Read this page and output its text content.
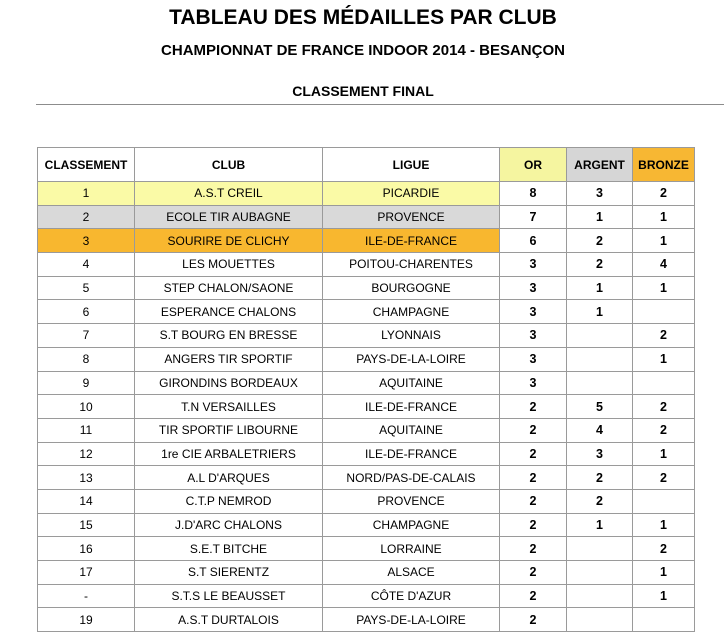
TABLEAU DES MÉDAILLES PAR CLUB
CHAMPIONNAT DE FRANCE INDOOR 2014 - BESANÇON
CLASSEMENT FINAL
CLASSEMENT	CLUB	LIGUE	OR	ARGENT	BRONZE
1	A.S.T CREIL	PICARDIE	8	3	2
2	ECOLE TIR AUBAGNE	PROVENCE	7	1	1
3	SOURIRE DE CLICHY	ILE-DE-FRANCE	6	2	1
4	LES MOUETTES	POITOU-CHARENTES	3	2	4
5	STEP CHALON/SAONE	BOURGOGNE	3	1	1
6	ESPERANCE CHALONS	CHAMPAGNE	3	1	
7	S.T BOURG EN BRESSE	LYONNAIS	3		2
8	ANGERS TIR SPORTIF	PAYS-DE-LA-LOIRE	3		1
9	GIRONDINS BORDEAUX	AQUITAINE	3		
10	T.N VERSAILLES	ILE-DE-FRANCE	2	5	2
11	TIR SPORTIF LIBOURNE	AQUITAINE	2	4	2
12	1re CIE ARBALETRIERS	ILE-DE-FRANCE	2	3	1
13	A.L D'ARQUES	NORD/PAS-DE-CALAIS	2	2	2
14	C.T.P NEMROD	PROVENCE	2	2	
15	J.D'ARC CHALONS	CHAMPAGNE	2	1	1
16	S.E.T BITCHE	LORRAINE	2		2
17	S.T SIERENTZ	ALSACE	2		1
-	S.T.S LE BEAUSSET	CÔTE D'AZUR	2		1
19	A.S.T DURTALOIS	PAYS-DE-LA-LOIRE	2		
